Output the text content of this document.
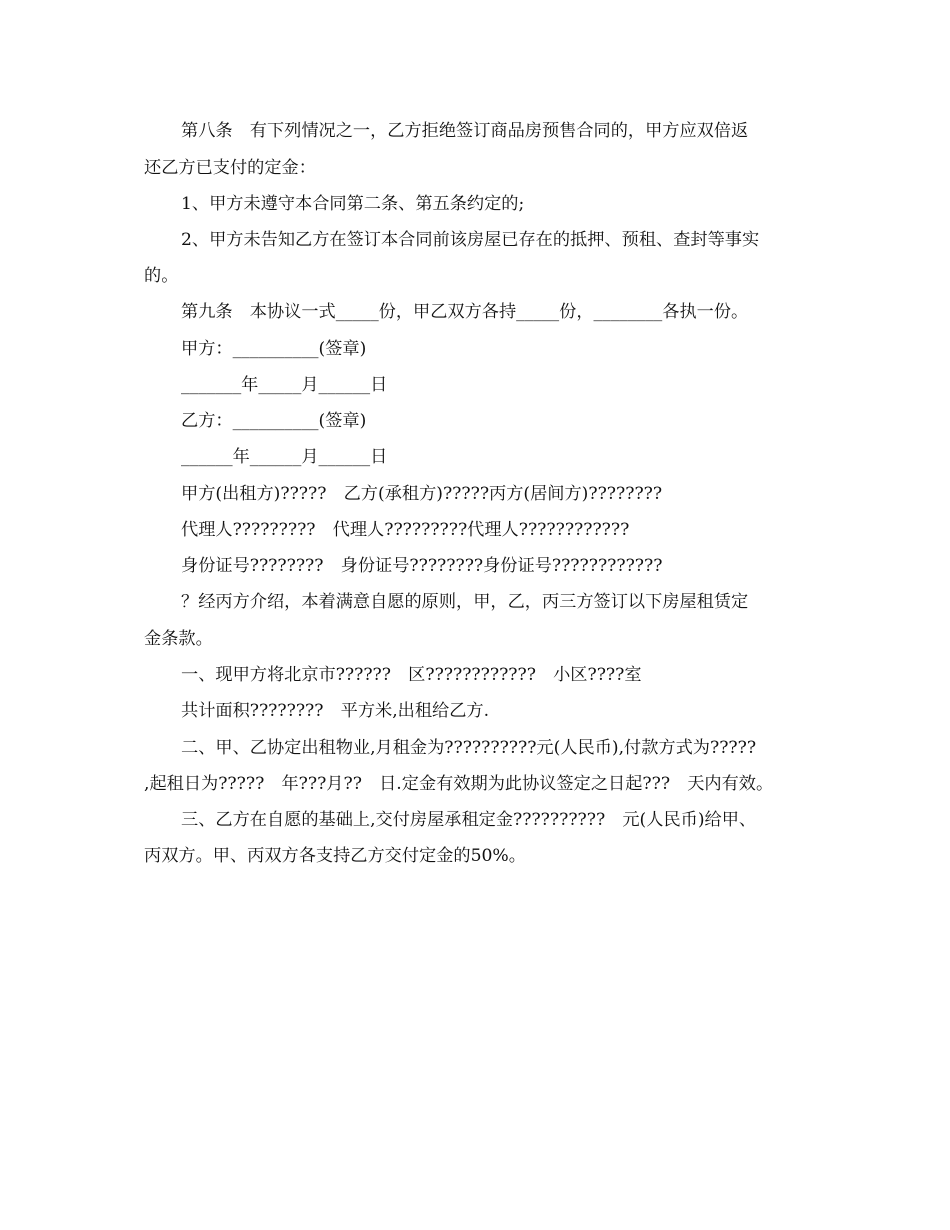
第八条　有下列情况之一，乙方拒绝签订商品房预售合同的，甲方应双倍返
还乙方已支付的定金：
1、甲方未遵守本合同第二条、第五条约定的;
2、甲方未告知乙方在签订本合同前该房屋已存在的抵押、预租、查封等事实
的。
第九条　本协议一式_____份，甲乙双方各持_____份，________各执一份。
甲方：__________(签章)
_______年_____月______日
乙方：__________(签章)
______年______月______日
甲方(出租方)?????　乙方(承租方)?????丙方(居间方)????????
代理人?????????　代理人?????????代理人????????????
身份证号????????　身份证号????????身份证号????????????
？经丙方介绍，本着满意自愿的原则，甲，乙，丙三方签订以下房屋租赁定
金条款。
一、现甲方将北京市??????　区????????????　小区????室
共计面积????????　平方米,出租给乙方.
二、甲、乙协定出租物业,月租金为??????????元(人民币),付款方式为?????
,起租日为?????　年???月??　日.定金有效期为此协议签定之日起???　天内有效。
三、乙方在自愿的基础上,交付房屋承租定金??????????　元(人民币)给甲、
丙双方。甲、丙双方各支持乙方交付定金的50%。
